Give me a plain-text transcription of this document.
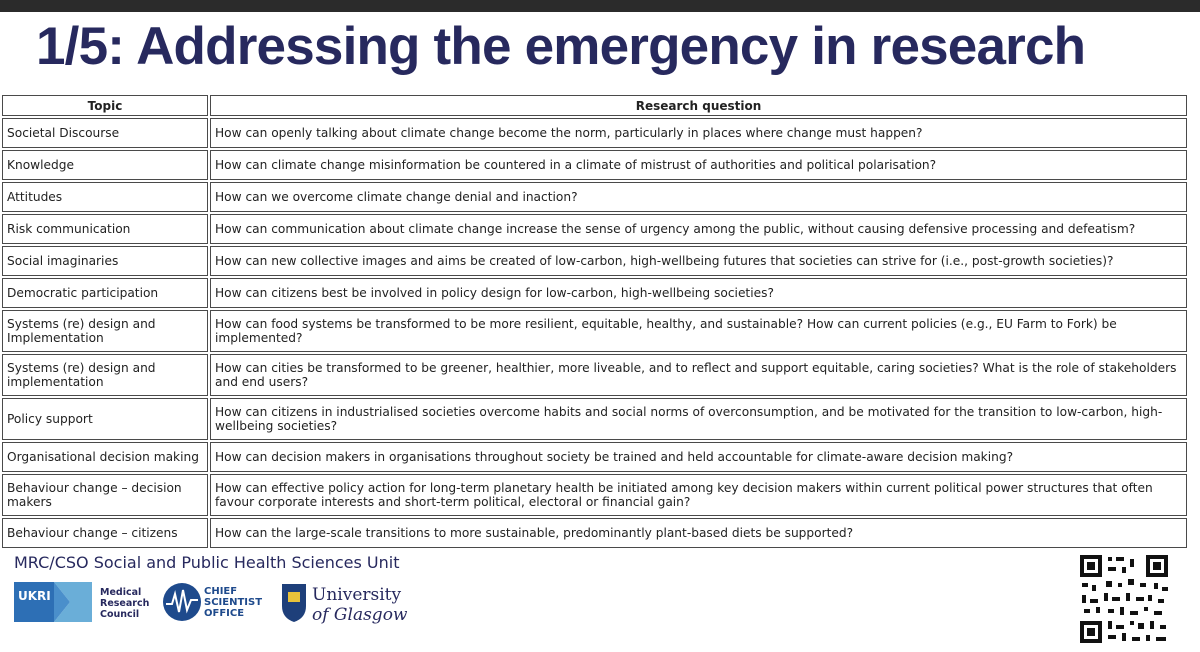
1/5: Addressing the emergency in research
Topic	Research question
Societal Discourse	How can openly talking about climate change become the norm, particularly in places where change must happen?
Knowledge	How can climate change misinformation be countered in a climate of mistrust of authorities and political polarisation?
Attitudes	How can we overcome climate change denial and inaction?
Risk communication	How can communication about climate change increase the sense of urgency among the public, without causing defensive processing and defeatism?
Social imaginaries	How can new collective images and aims be created of low-carbon, high-wellbeing futures that societies can strive for (i.e., post-growth societies)?
Democratic participation	How can citizens best be involved in policy design for low-carbon, high-wellbeing societies?
Systems (re) design and Implementation	How can food systems be transformed to be more resilient, equitable, healthy, and sustainable? How can current policies (e.g., EU Farm to Fork) be implemented?
Systems (re) design and implementation	How can cities be transformed to be greener, healthier, more liveable, and to reflect and support equitable, caring societies? What is the role of stakeholders and end users?
Policy support	How can citizens in industrialised societies overcome habits and social norms of overconsumption, and be motivated for the transition to low-carbon, high-wellbeing societies?
Organisational decision making	How can decision makers in organisations throughout society be trained and held accountable for climate-aware decision making?
Behaviour change – decision makers	How can effective policy action for long-term planetary health be initiated among key decision makers within current political power structures that often favour corporate interests and short-term political, electoral or financial gain?
Behaviour change – citizens	How can the large-scale transitions to more sustainable, predominantly plant-based diets be supported?
MRC/CSO Social and Public Health Sciences Unit
UKRI	Medical
Research
Council
CHIEF
SCIENTIST
OFFICE
University
of Glasgow
